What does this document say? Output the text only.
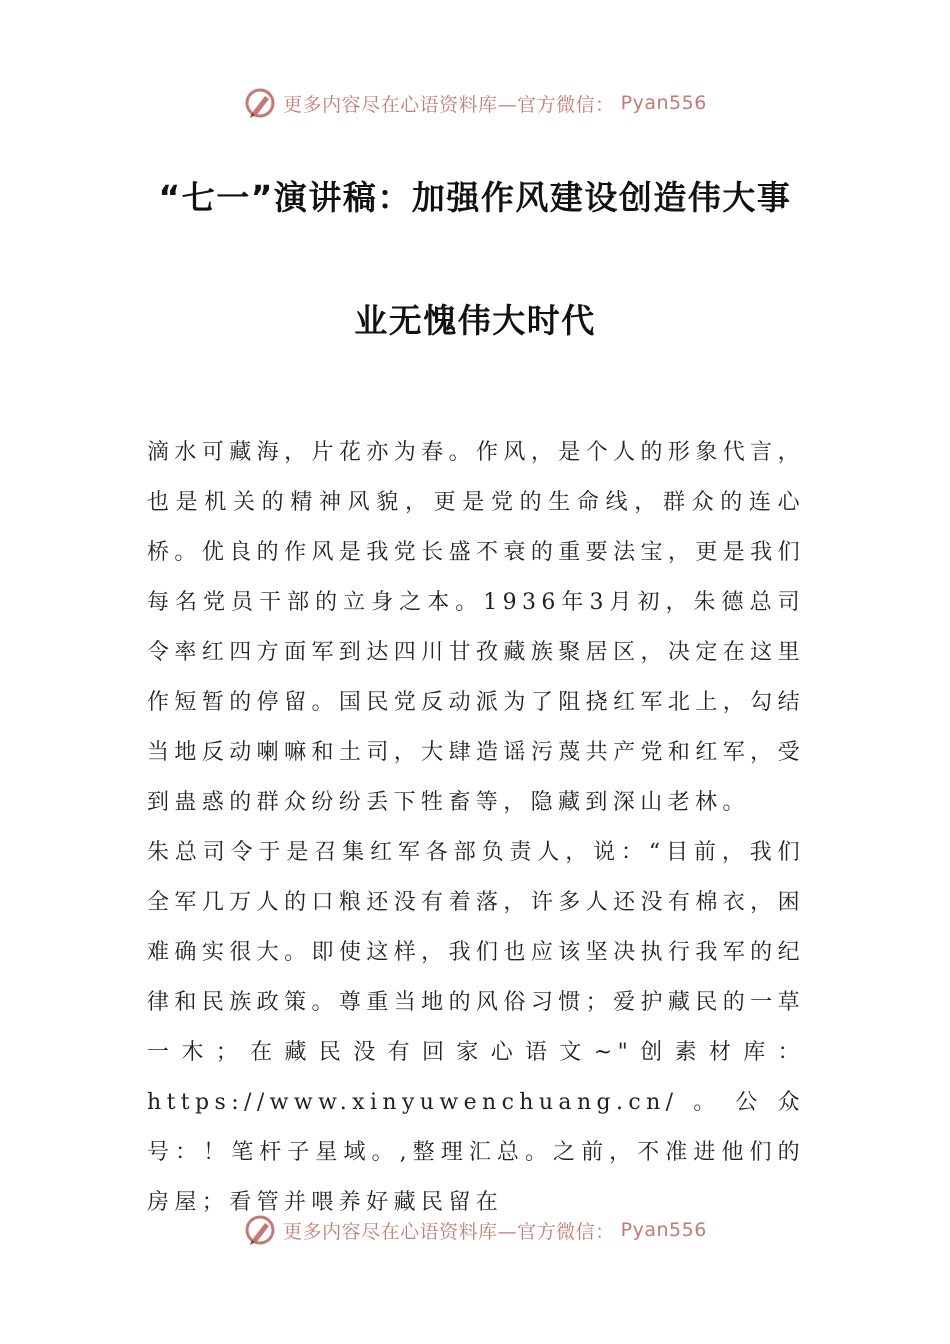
更多内容尽在心语资料库—官方微信： Pyan556
“七一”演讲稿：加强作风建设创造伟大事
业无愧伟大时代

滴水可藏海，片花亦为春。作风，是个人的形象代言，也是机关的精神风貌，更是党的生命线，群众的连心桥。优良的作风是我党长盛不衰的重要法宝，更是我们每名党员干部的立身之本。1936年3月初，朱德总司令率红四方面军到达四川甘孜藏族聚居区，决定在这里作短暂的停留。国民党反动派为了阻挠红军北上，勾结当地反动喇嘛和土司，大肆造谣污蔑共产党和红军，受到蛊惑的群众纷纷丢下牲畜等，隐藏到深山老林。

朱总司令于是召集红军各部负责人，说：“目前，我们全军几万人的口粮还没有着落，许多人还没有棉衣，困难确实很大。即使这样，我们也应该坚决执行我军的纪律和民族政策。尊重当地的风俗习惯；爱护藏民的一草一木；在藏民没有回家心语文~"创素材库：https://www.xinyuwenchuang.cn/。公众号：！笔杆子星域。,整理汇总。之前，不准进他们的房屋；看管并喂养好藏民留在

更多内容尽在心语资料库—官方微信： Pyan556
